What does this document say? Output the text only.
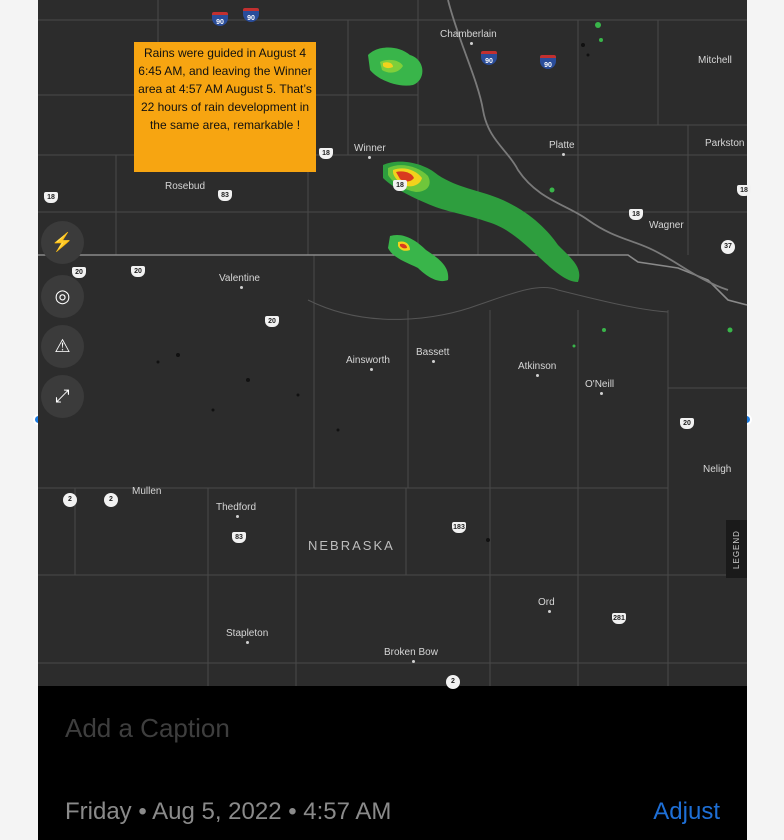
Chamberlain
Mitchell
Winner	Platte	Parkston
Rosebud
Wagner
Valentine
Ainsworth
Bassett
Atkinson
O'Neill
Neligh
Mullen
Thedford
Ord
Stapleton
Broken Bow
90
90
90
90
18
18
18
18
18
83
20	20
20
20
183
83
281
37
2	2
2
NEBRASKA
Rains were guided in August 4 6:45 AM, and leaving the Winner area at 4:57 AM August 5. That’s 22 hours of rain development in the same area, remarkable !
⚡
◎
⚠
⤢
LEGEND
Add a Caption
Friday • Aug 5, 2022 • 4:57 AM	Adjust
